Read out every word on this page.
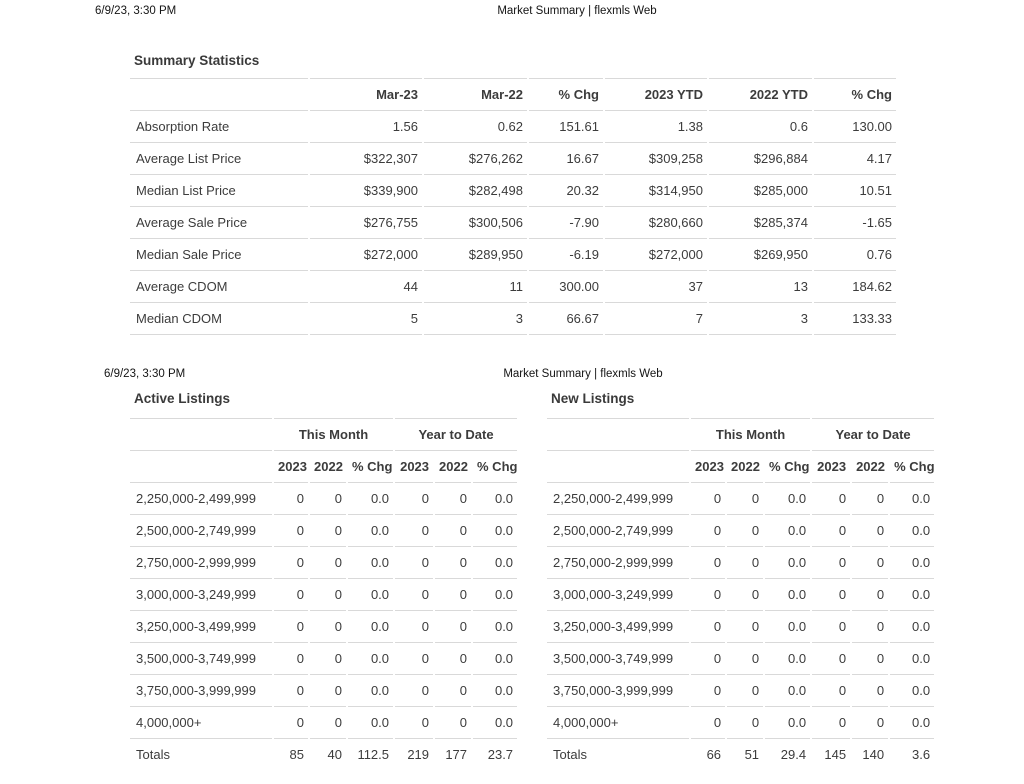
6/9/23, 3:30 PM	Market Summary | flexmls Web
Summary Statistics
	Mar-23	Mar-22	% Chg	2023 YTD	2022 YTD	% Chg
Absorption Rate	1.56	0.62	151.61	1.38	0.6	130.00
Average List Price	$322,307	$276,262	16.67	$309,258	$296,884	4.17
Median List Price	$339,900	$282,498	20.32	$314,950	$285,000	10.51
Average Sale Price	$276,755	$300,506	-7.90	$280,660	$285,374	-1.65
Median Sale Price	$272,000	$289,950	-6.19	$272,000	$269,950	0.76
Average CDOM	44	11	300.00	37	13	184.62
Median CDOM	5	3	66.67	7	3	133.33
6/9/23, 3:30 PM	Market Summary | flexmls Web
Active Listings
	This Month			Year to Date		
	2023	2022	% Chg	2023	2022	% Chg
2,250,000-2,499,999	0	0	0.0	0	0	0.0
2,500,000-2,749,999	0	0	0.0	0	0	0.0
2,750,000-2,999,999	0	0	0.0	0	0	0.0
3,000,000-3,249,999	0	0	0.0	0	0	0.0
3,250,000-3,499,999	0	0	0.0	0	0	0.0
3,500,000-3,749,999	0	0	0.0	0	0	0.0
3,750,000-3,999,999	0	0	0.0	0	0	0.0
4,000,000+	0	0	0.0	0	0	0.0
Totals	85	40	112.5	219	177	23.7
New Listings
	This Month			Year to Date		
	2023	2022	% Chg	2023	2022	% Chg
2,250,000-2,499,999	0	0	0.0	0	0	0.0
2,500,000-2,749,999	0	0	0.0	0	0	0.0
2,750,000-2,999,999	0	0	0.0	0	0	0.0
3,000,000-3,249,999	0	0	0.0	0	0	0.0
3,250,000-3,499,999	0	0	0.0	0	0	0.0
3,500,000-3,749,999	0	0	0.0	0	0	0.0
3,750,000-3,999,999	0	0	0.0	0	0	0.0
4,000,000+	0	0	0.0	0	0	0.0
Totals	66	51	29.4	145	140	3.6
